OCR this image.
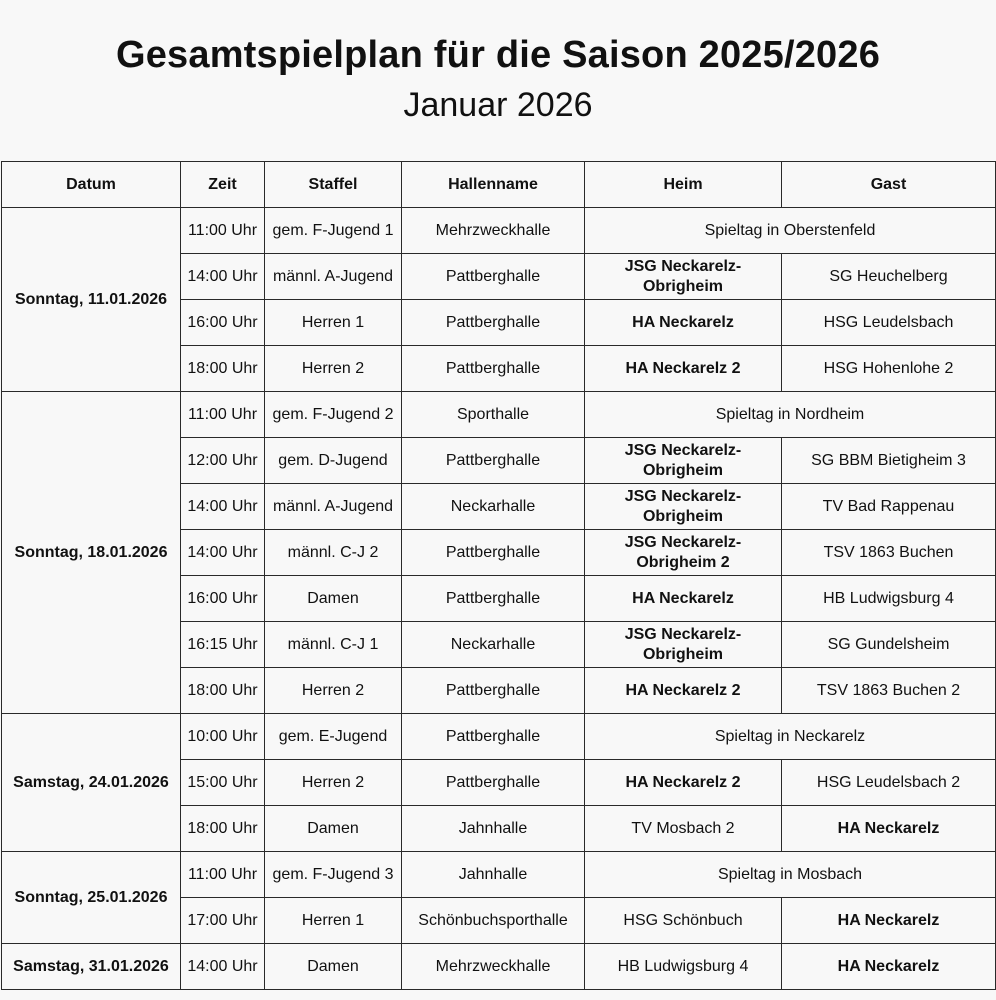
Gesamtspielplan für die Saison 2025/2026
Januar 2026
Datum	Zeit	Staffel	Hallenname	Heim	Gast
Sonntag, 11.01.2026	11:00 Uhr	gem. F-Jugend 1	Mehrzweckhalle	Spieltag in Oberstenfeld	
	14:00 Uhr	männl. A-Jugend	Pattberghalle	JSG Neckarelz-Obrigheim	SG Heuchelberg
	16:00 Uhr	Herren 1	Pattberghalle	HA Neckarelz	HSG Leudelsbach
	18:00 Uhr	Herren 2	Pattberghalle	HA Neckarelz 2	HSG Hohenlohe 2
Sonntag, 18.01.2026	11:00 Uhr	gem. F-Jugend 2	Sporthalle	Spieltag in Nordheim	
	12:00 Uhr	gem. D-Jugend	Pattberghalle	JSG Neckarelz-Obrigheim	SG BBM Bietigheim 3
	14:00 Uhr	männl. A-Jugend	Neckarhalle	JSG Neckarelz-Obrigheim	TV Bad Rappenau
	14:00 Uhr	männl. C-J 2	Pattberghalle	JSG Neckarelz-Obrigheim 2	TSV 1863 Buchen
	16:00 Uhr	Damen	Pattberghalle	HA Neckarelz	HB Ludwigsburg 4
	16:15 Uhr	männl. C-J 1	Neckarhalle	JSG Neckarelz-Obrigheim	SG Gundelsheim
	18:00 Uhr	Herren 2	Pattberghalle	HA Neckarelz 2	TSV 1863 Buchen 2
Samstag, 24.01.2026	10:00 Uhr	gem. E-Jugend	Pattberghalle	Spieltag in Neckarelz	
	15:00 Uhr	Herren 2	Pattberghalle	HA Neckarelz 2	HSG Leudelsbach 2
	18:00 Uhr	Damen	Jahnhalle	TV Mosbach 2	HA Neckarelz
Sonntag, 25.01.2026	11:00 Uhr	gem. F-Jugend 3	Jahnhalle	Spieltag in Mosbach	
	17:00 Uhr	Herren 1	Schönbuchsporthalle	HSG Schönbuch	HA Neckarelz
Samstag, 31.01.2026	14:00 Uhr	Damen	Mehrzweckhalle	HB Ludwigsburg 4	HA Neckarelz
